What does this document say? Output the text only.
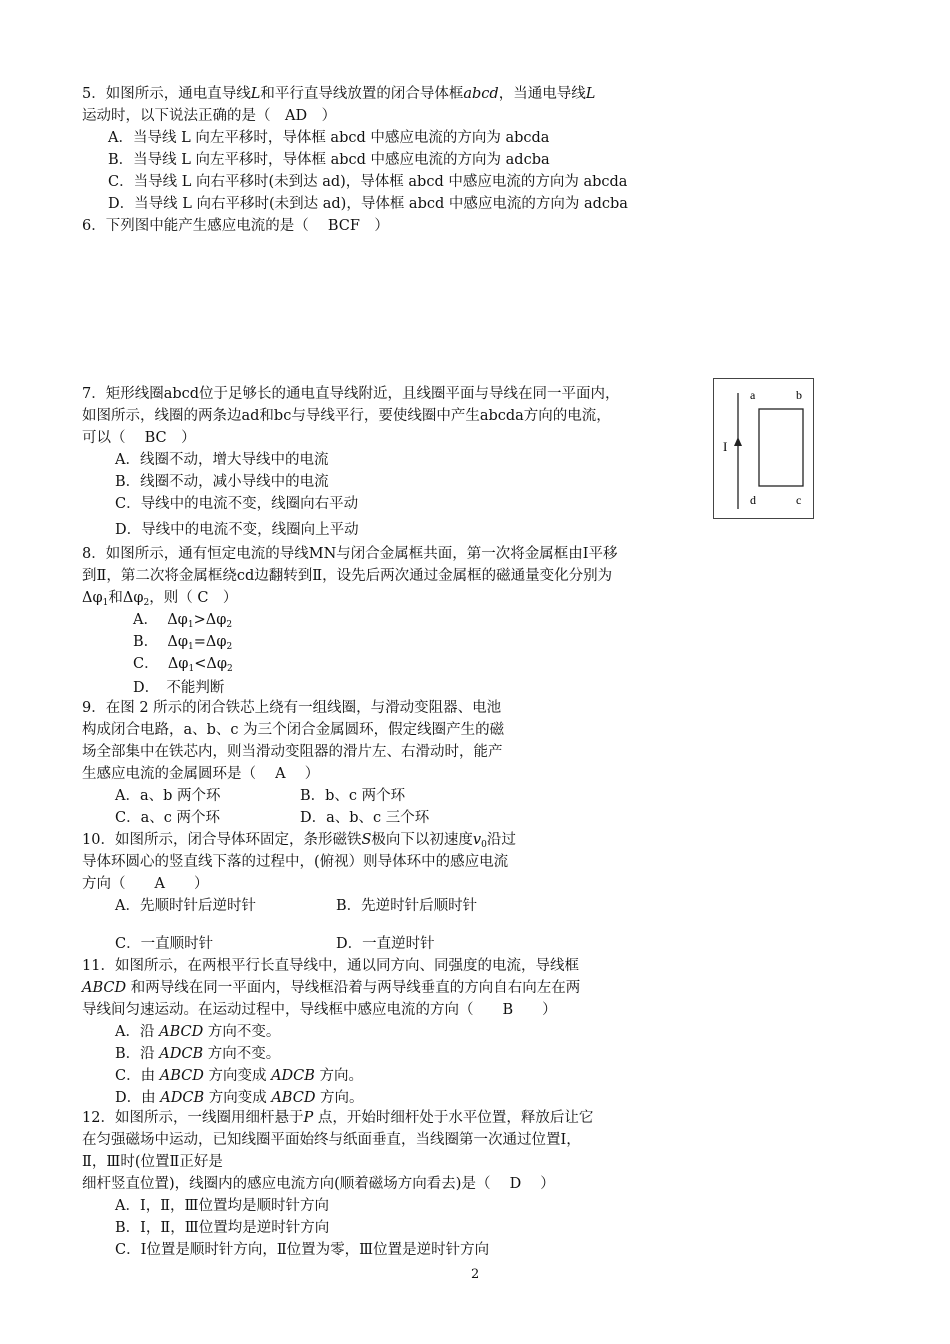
5．如图所示，通电直导线L和平行直导线放置的闭合导体框abcd，当通电导线L
运动时，以下说法正确的是（　AD　）
A．当导线 L 向左平移时，导体框 abcd 中感应电流的方向为 abcda
B．当导线 L 向左平移时，导体框 abcd 中感应电流的方向为 adcba
C．当导线 L 向右平移时(未到达 ad)，导体框 abcd 中感应电流的方向为 abcda
D．当导线 L 向右平移时(未到达 ad)，导体框 abcd 中感应电流的方向为 adcba
6．下列图中能产生感应电流的是（　 BCF　）
7．矩形线圈abcd位于足够长的通电直导线附近，且线圈平面与导线在同一平面内，
如图所示，线圈的两条边ad和bc与导线平行，要使线圈中产生abcda方向的电流，
可以（　 BC　）
A．线圈不动，增大导线中的电流
B．线圈不动，减小导线中的电流
C．导线中的电流不变，线圈向右平动
D．导线中的电流不变，线圈向上平动
a	b
d	c
I
8．如图所示，通有恒定电流的导线MN与闭合金属框共面，第一次将金属框由Ⅰ平移
到Ⅱ，第二次将金属框绕cd边翻转到Ⅱ，设先后两次通过金属框的磁通量变化分别为
$\Delta\varphi_1$和$\Delta\varphi_2$，则（ C　）
A． $\Delta\varphi_1>\Delta\varphi_2$
B． $\Delta\varphi_1=\Delta\varphi_2$
C． $\Delta\varphi_1<\Delta\varphi_2$
D．　不能判断
9．在图 2 所示的闭合铁芯上绕有一组线圈，与滑动变阻器、电池
构成闭合电路，a、b、c 为三个闭合金属圆环，假定线圈产生的磁
场全部集中在铁芯内，则当滑动变阻器的滑片左、右滑动时，能产
生感应电流的金属圆环是（　 A　 ）
A．a、b 两个环	B．b、c 两个环
C．a、c 两个环	D．a、b、c 三个环
10．如图所示，闭合导体环固定，条形磁铁S极向下以初速度$v_0$沿过
导体环圆心的竖直线下落的过程中，(俯视）则导体环中的感应电流
方向（　　A　　）
A．先顺时针后逆时针	B．先逆时针后顺时针
C．一直顺时针	D．一直逆时针
11．如图所示，在两根平行长直导线中，通以同方向、同强度的电流，导线框
ABCD 和两导线在同一平面内，导线框沿着与两导线垂直的方向自右向左在两
导线间匀速运动。在运动过程中，导线框中感应电流的方向（　　B　　）
A．沿 ABCD 方向不变。
B．沿 ADCB 方向不变。
C．由 ABCD 方向变成 ADCB 方向。
D．由 ADCB 方向变成 ABCD 方向。
12．如图所示，一线圈用细杆悬于P 点，开始时细杆处于水平位置，释放后让它
在匀强磁场中运动，已知线圈平面始终与纸面垂直，当线圈第一次通过位置Ⅰ，
Ⅱ，Ⅲ时(位置Ⅱ正好是
细杆竖直位置)，线圈内的感应电流方向(顺着磁场方向看去)是（　 D　 ）
A．Ⅰ，Ⅱ，Ⅲ位置均是顺时针方向
B．Ⅰ，Ⅱ，Ⅲ位置均是逆时针方向
C．Ⅰ位置是顺时针方向，Ⅱ位置为零，Ⅲ位置是逆时针方向
2
